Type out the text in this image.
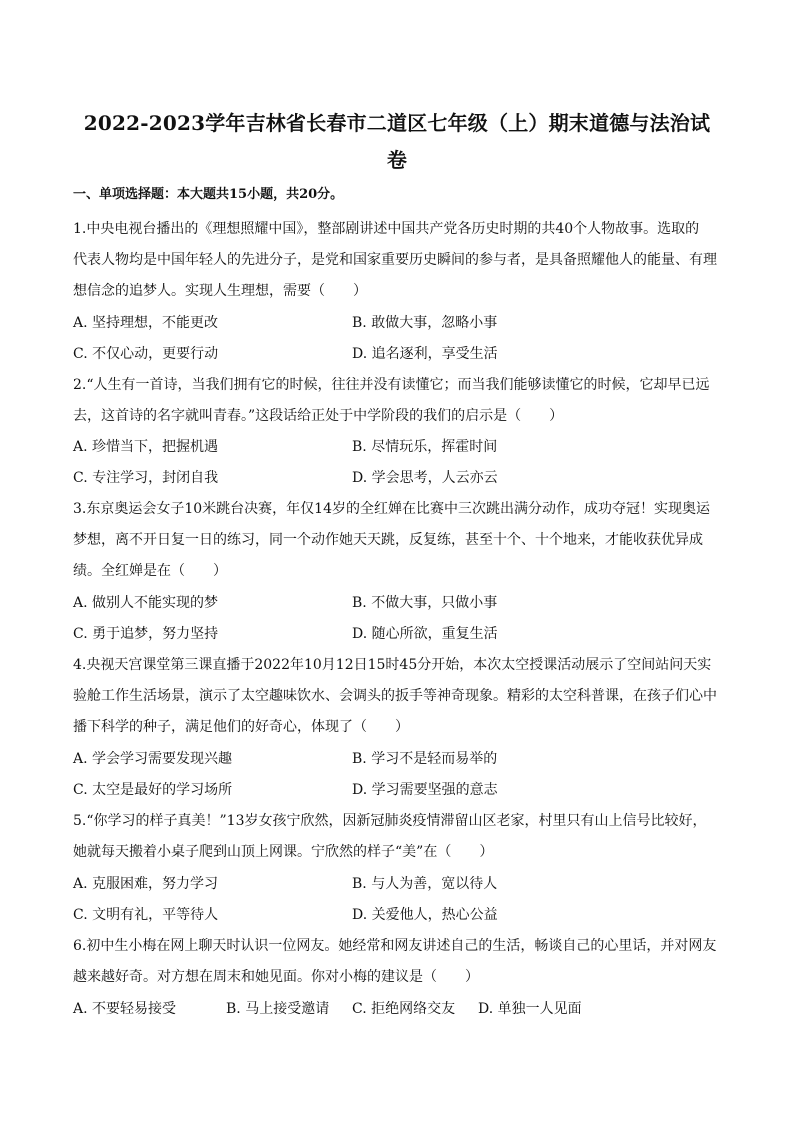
2022-2023学年吉林省长春市二道区七年级（上）期末道德与法治试
卷
一、单项选择题：本大题共15小题，共20分。
1.中央电视台播出的《理想照耀中国》，整部剧讲述中国共产党各历史时期的共40个人物故事。选取的
代表人物均是中国年轻人的先进分子，是党和国家重要历史瞬间的参与者，是具备照耀他人的能量、有理
想信念的追梦人。实现人生理想，需要（　　）
A. 坚持理想，不能更改	B. 敢做大事，忽略小事
C. 不仅心动，更要行动	D. 追名逐利，享受生活
2.“人生有一首诗，当我们拥有它的时候，往往并没有读懂它；而当我们能够读懂它的时候，它却早已远
去，这首诗的名字就叫青春。”这段话给正处于中学阶段的我们的启示是（　　）
A. 珍惜当下，把握机遇	B. 尽情玩乐，挥霍时间
C. 专注学习，封闭自我	D. 学会思考，人云亦云
3.东京奥运会女子10米跳台决赛，年仅14岁的全红婵在比赛中三次跳出满分动作，成功夺冠！实现奥运
梦想，离不开日复一日的练习，同一个动作她天天跳，反复练，甚至十个、十个地来，才能收获优异成
绩。全红婵是在（　　）
A. 做别人不能实现的梦	B. 不做大事，只做小事
C. 勇于追梦，努力坚持	D. 随心所欲，重复生活
4.央视天宫课堂第三课直播于2022年10月12日15时45分开始，本次太空授课活动展示了空间站问天实
验舱工作生活场景，演示了太空趣味饮水、会调头的扳手等神奇现象。精彩的太空科普课，在孩子们心中
播下科学的种子，满足他们的好奇心，体现了（　　）
A. 学会学习需要发现兴趣	B. 学习不是轻而易举的
C. 太空是最好的学习场所	D. 学习需要坚强的意志
5.“你学习的样子真美！”13岁女孩宁欣然，因新冠肺炎疫情滞留山区老家，村里只有山上信号比较好，
她就每天搬着小桌子爬到山顶上网课。宁欣然的样子“美”在（　　）
A. 克服困难，努力学习	B. 与人为善，宽以待人
C. 文明有礼，平等待人	D. 关爱他人，热心公益
6.初中生小梅在网上聊天时认识一位网友。她经常和网友讲述自己的生活，畅谈自己的心里话，并对网友
越来越好奇。对方想在周末和她见面。你对小梅的建议是（　　）
A. 不要轻易接受	B. 马上接受邀请 C. 拒绝网络交友 D. 单独一人见面
